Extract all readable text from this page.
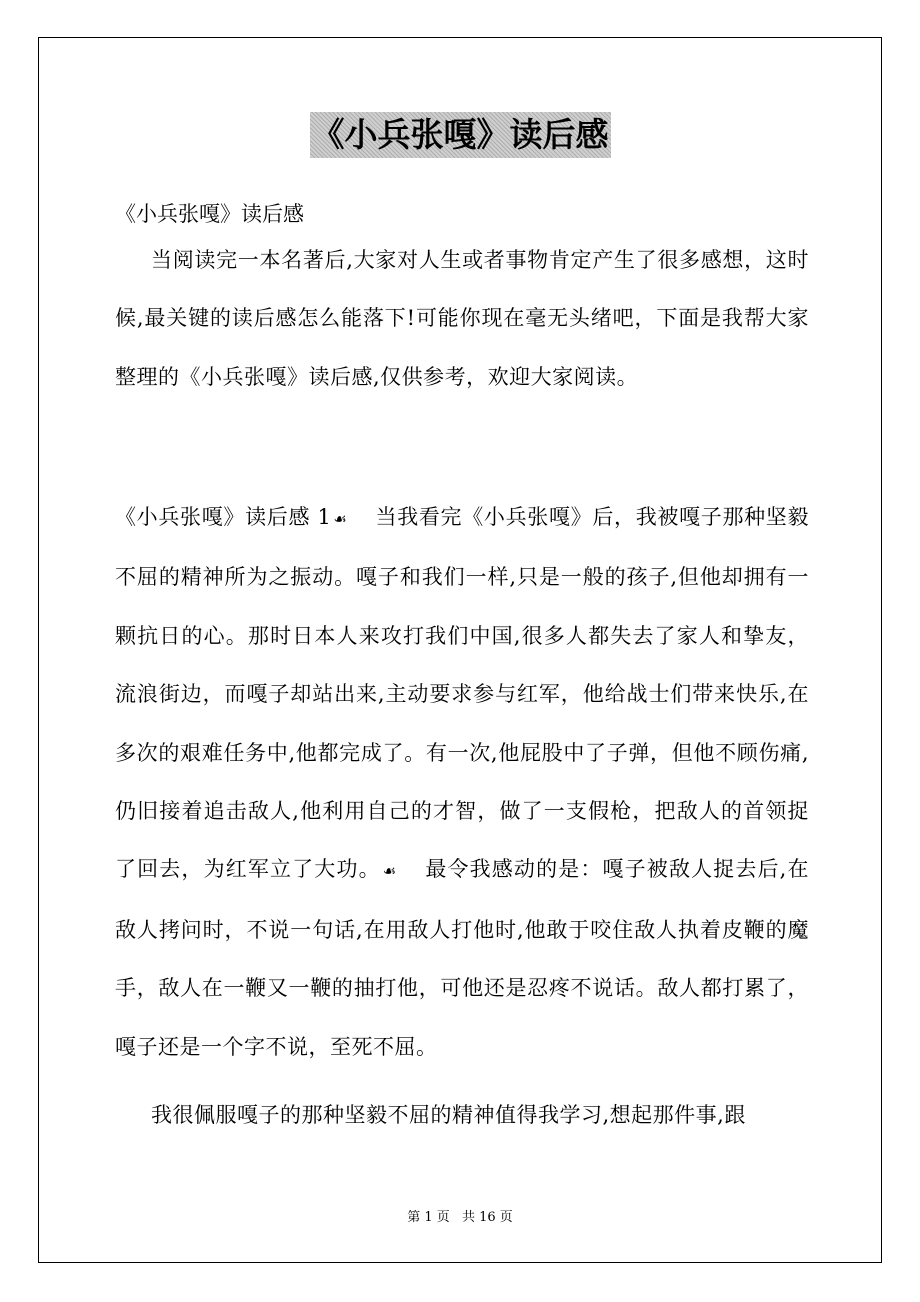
《小兵张嘎》读后感
《小兵张嘎》读后感
当阅读完一本名著后,大家对人生或者事物肯定产生了很多感想，这时候,最关键的读后感怎么能落下!可能你现在毫无头绪吧，下面是我帮大家整理的《小兵张嘎》读后感,仅供参考，欢迎大家阅读。
《小兵张嘎》读后感 1 ☙ 当我看完《小兵张嘎》后，我被嘎子那种坚毅不屈的精神所为之振动。嘎子和我们一样,只是一般的孩子,但他却拥有一颗抗日的心。那时日本人来攻打我们中国,很多人都失去了家人和挚友，流浪街边，而嘎子却站出来,主动要求参与红军，他给战士们带来快乐,在多次的艰难任务中,他都完成了。有一次,他屁股中了子弹，但他不顾伤痛,仍旧接着追击敌人,他利用自己的才智，做了一支假枪，把敌人的首领捉了回去，为红军立了大功。 ☙ 最令我感动的是：嘎子被敌人捉去后,在敌人拷问时，不说一句话,在用敌人打他时,他敢于咬住敌人执着皮鞭的魔手，敌人在一鞭又一鞭的抽打他，可他还是忍疼不说话。敌人都打累了，嘎子还是一个字不说，至死不屈。
我很佩服嘎子的那种坚毅不屈的精神值得我学习,想起那件事,跟
第 1 页 共 16 页
